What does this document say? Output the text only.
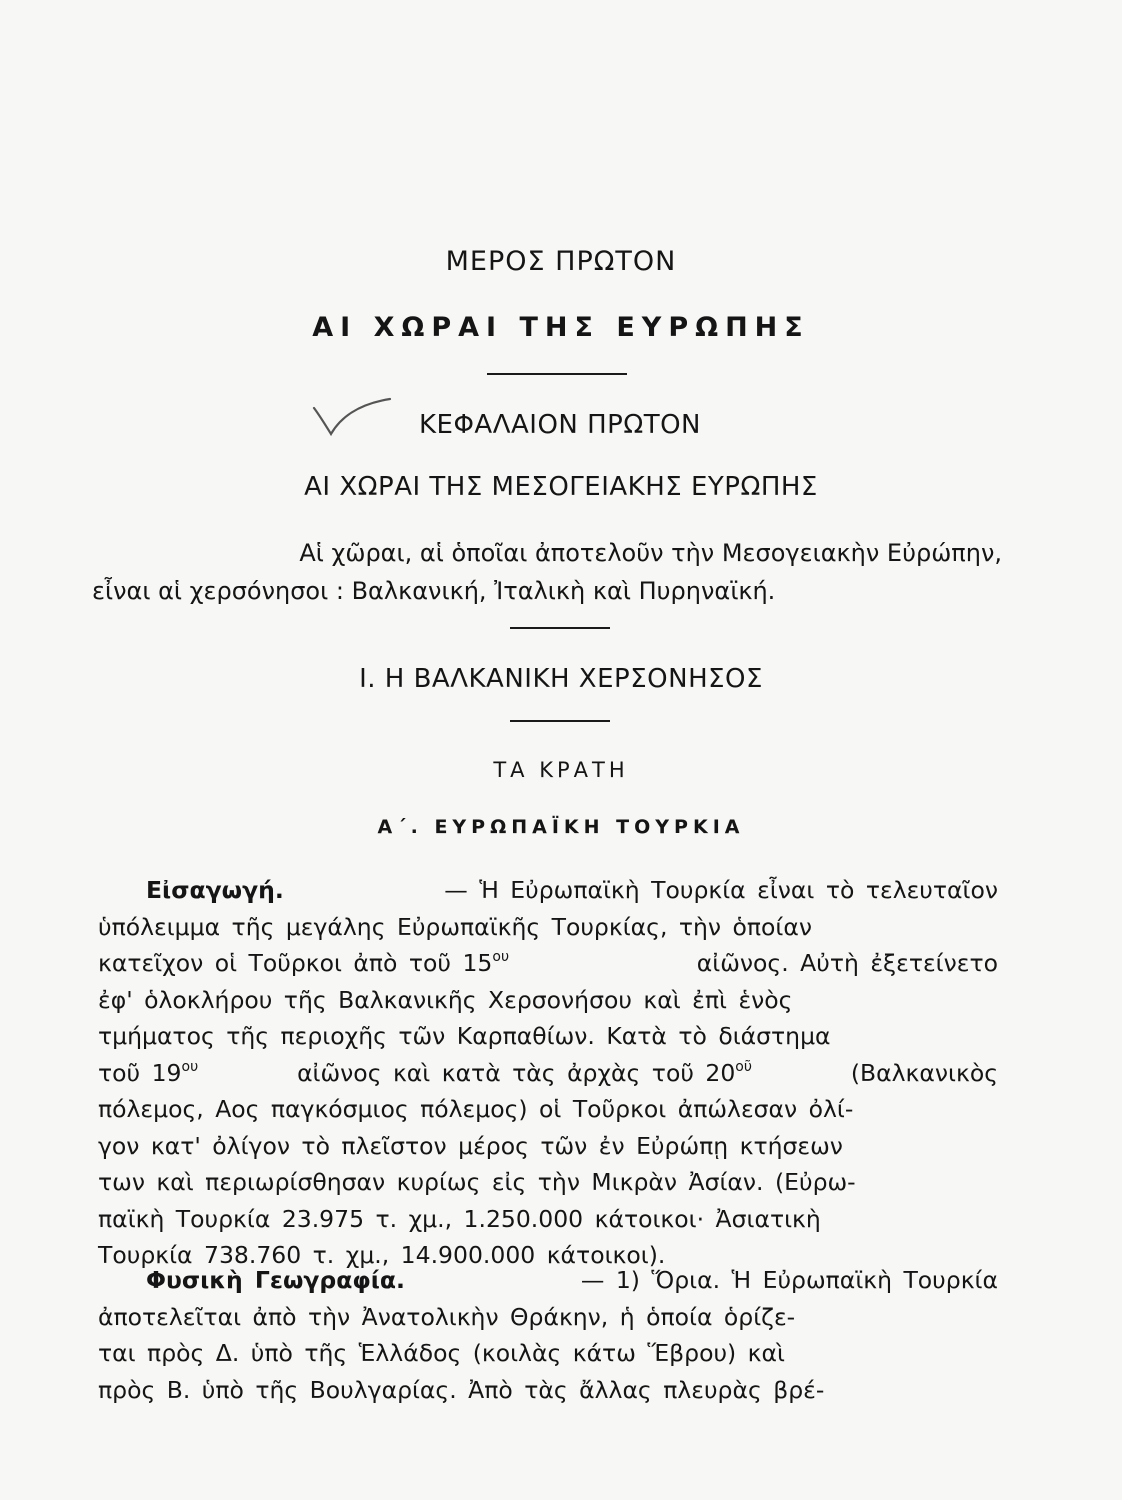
ΜΕΡΟΣ ΠΡΩΤΟΝ
ΑΙ ΧΩΡΑΙ ΤΗΣ ΕΥΡΩΠΗΣ
ΚΕΦΑΛΑΙΟΝ ΠΡΩΤΟΝ
ΑΙ ΧΩΡΑΙ ΤΗΣ ΜΕΣΟΓΕΙΑΚΗΣ ΕΥΡΩΠΗΣ

Αἱ χῶραι, αἱ ὁποῖαι ἀποτελοῦν τὴν Μεσογειακὴν Εὐρώπην,

εἶναι αἱ χερσόνησοι : Βαλκανική, Ἰταλικὴ καὶ Πυρηναϊκή.

Ι. Η ΒΑΛΚΑΝΙΚΗ ΧΕΡΣΟΝΗΣΟΣ
ΤΑ ΚΡΑΤΗ
Α΄. ΕΥΡΩΠΑΪΚΗ ΤΟΥΡΚΙΑ
Εἰσαγωγή.	— Ἡ Εὐρωπαϊκὴ Τουρκία εἶναι τὸ τελευταῖον
ὑπόλειμμα τῆς μεγάλης Εὐρωπαϊκῆς Τουρκίας, τὴν ὁποίαν
κατεῖχον οἱ Τοῦρκοι ἀπὸ τοῦ $15^{o\upsilon}$	αἰῶνος. Αὐτὴ ἐξετείνετο
ἐφ' ὁλοκλήρου τῆς Βαλκανικῆς Χερσονήσου καὶ ἐπὶ ἑνὸς
τμήματος τῆς περιοχῆς τῶν Καρπαθίων. Κατὰ τὸ διάστημα
τοῦ $19^{o\upsilon}$	αἰῶνος καὶ κατὰ τὰς ἀρχὰς τοῦ $20^{oῦ}$	(Βαλκανικὸς
πόλεμος, Αος παγκόσμιος πόλεμος) οἱ Τοῦρκοι ἀπώλεσαν ὀλί-
γον κατ' ὀλίγον τὸ πλεῖστον μέρος τῶν ἐν Εὐρώπῃ κτήσεων
των καὶ περιωρίσθησαν κυρίως εἰς τὴν Μικρὰν Ἀσίαν. (Εὐρω-
παϊκὴ Τουρκία 23.975 τ. χμ., 1.250.000 κάτοικοι· Ἀσιατικὴ
Τουρκία 738.760 τ. χμ., 14.900.000 κάτοικοι).
Φυσικὴ Γεωγραφία.	— 1) Ὅρια. Ἡ Εὐρωπαϊκὴ Τουρκία
ἀποτελεῖται ἀπὸ τὴν Ἀνατολικὴν Θράκην, ἡ ὁποία ὁρίζε-
ται πρὸς Δ. ὑπὸ τῆς Ἑλλάδος (κοιλὰς κάτω Ἕβρου) καὶ
πρὸς Β. ὑπὸ τῆς Βουλγαρίας. Ἀπὸ τὰς ἄλλας πλευρὰς βρέ-
